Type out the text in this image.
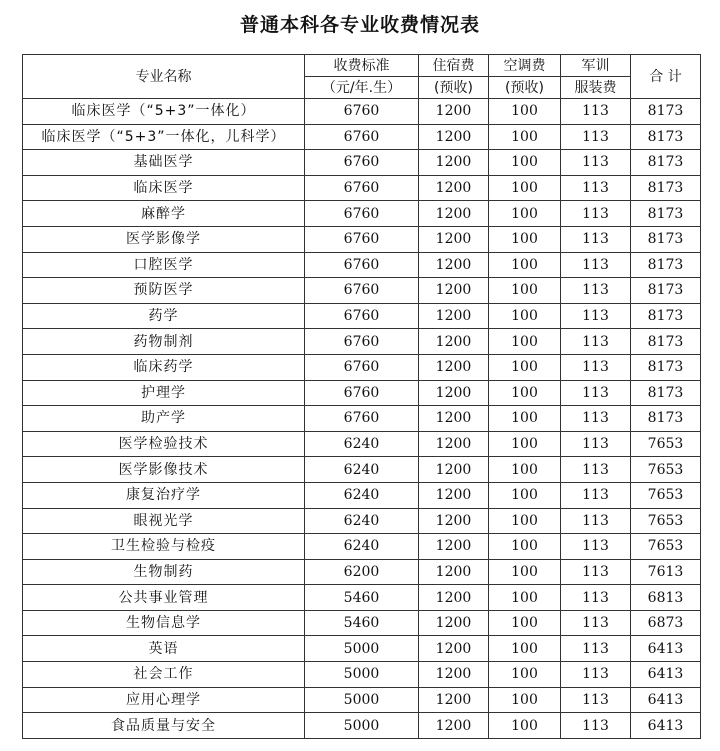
普通本科各专业收费情况表
专业名称	收费标准	住宿费	空调费	军训	合 计
	（元/年.生）	(预收)	(预收)	服装费	
临床医学（“5+3”一体化）	6760	1200	100	113	8173
临床医学（“5+3”一体化，儿科学）	6760	1200	100	113	8173
基础医学	6760	1200	100	113	8173
临床医学	6760	1200	100	113	8173
麻醉学	6760	1200	100	113	8173
医学影像学	6760	1200	100	113	8173
口腔医学	6760	1200	100	113	8173
预防医学	6760	1200	100	113	8173
药学	6760	1200	100	113	8173
药物制剂	6760	1200	100	113	8173
临床药学	6760	1200	100	113	8173
护理学	6760	1200	100	113	8173
助产学	6760	1200	100	113	8173
医学检验技术	6240	1200	100	113	7653
医学影像技术	6240	1200	100	113	7653
康复治疗学	6240	1200	100	113	7653
眼视光学	6240	1200	100	113	7653
卫生检验与检疫	6240	1200	100	113	7653
生物制药	6200	1200	100	113	7613
公共事业管理	5460	1200	100	113	6813
生物信息学	5460	1200	100	113	6873
英语	5000	1200	100	113	6413
社会工作	5000	1200	100	113	6413
应用心理学	5000	1200	100	113	6413
食品质量与安全	5000	1200	100	113	6413
